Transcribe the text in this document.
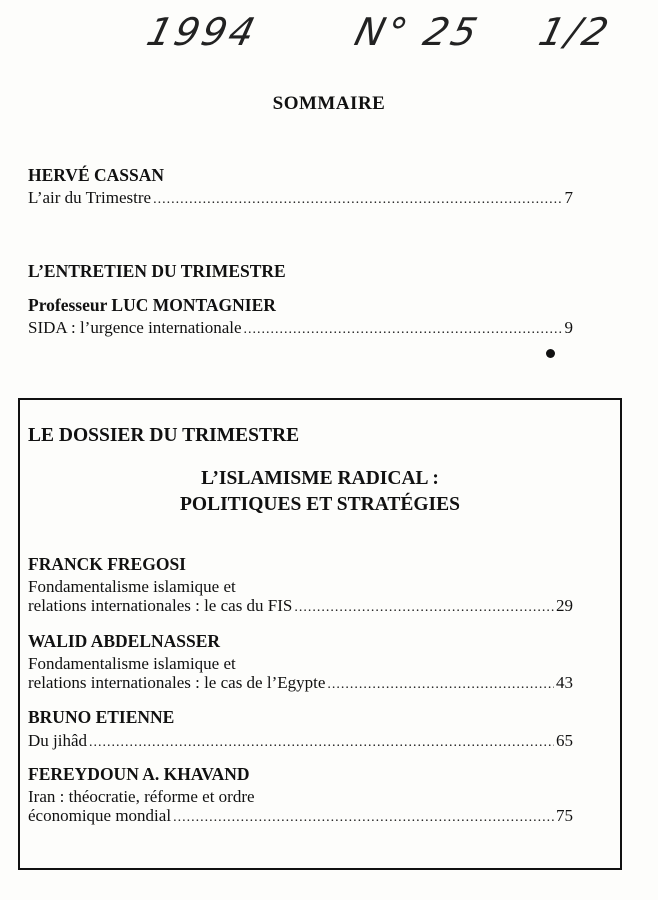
1994 N° 25 1/2
SOMMAIRE
HERVÉ CASSAN
L’air du Trimestre .....	7
L’ENTRETIEN DU TRIMESTRE
Professeur LUC MONTAGNIER
SIDA : l’urgence internationale .....	9
LE DOSSIER DU TRIMESTRE
L’ISLAMISME RADICAL :
POLITIQUES ET STRATÉGIES
FRANCK FREGOSI
Fondamentalisme islamique et
relations internationales : le cas du FIS .....	29
WALID ABDELNASSER
Fondamentalisme islamique et
relations internationales : le cas de l’Egypte .....	43
BRUNO ETIENNE
Du jihâd .....	65
FEREYDOUN A. KHAVAND
Iran : théocratie, réforme et ordre
économique mondial .....	75
